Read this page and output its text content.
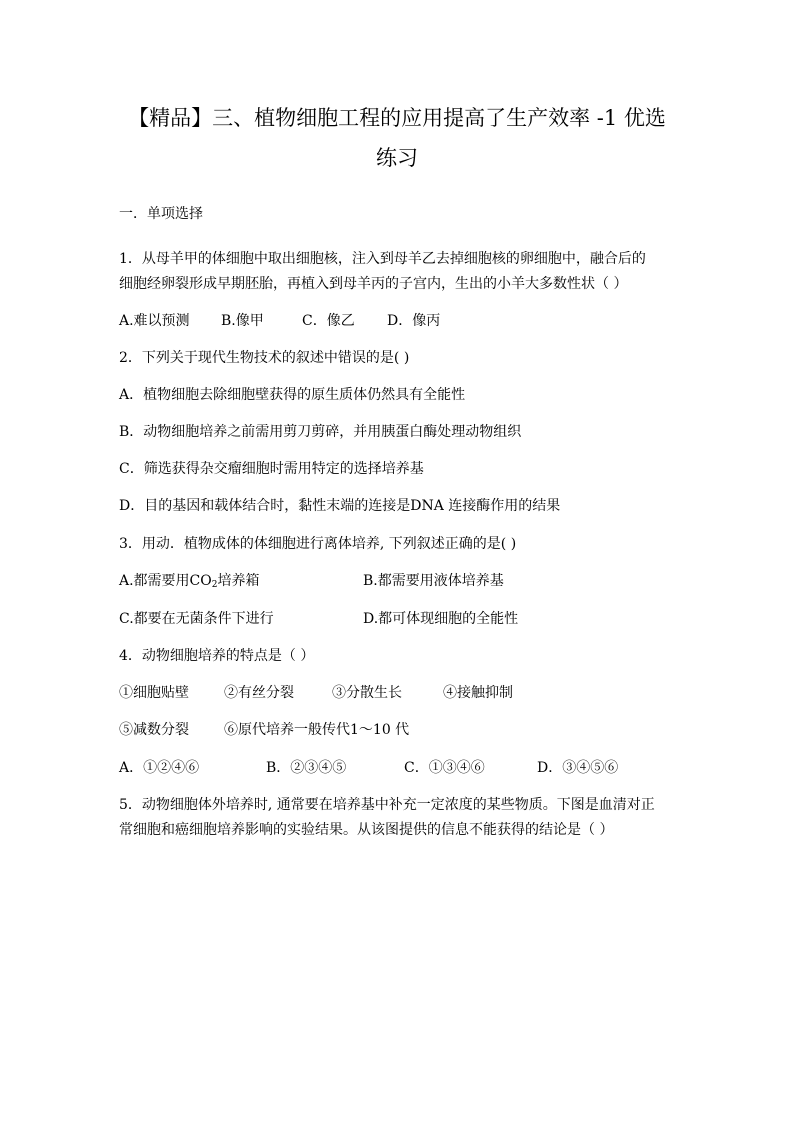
【精品】三、植物细胞工程的应用提高了生产效率 -1 优选
练习
一．单项选择
1．从母羊甲的体细胞中取出细胞核，注入到母羊乙去掉细胞核的卵细胞中，融合后的
细胞经卵裂形成早期胚胎，再植入到母羊丙的子宫内，生出的小羊大多数性状（ ）
A.难以预测 B.像甲	C．像乙 D．像丙
2．下列关于现代生物技术的叙述中错误的是( )
A．植物细胞去除细胞壁获得的原生质体仍然具有全能性
B．动物细胞培养之前需用剪刀剪碎，并用胰蛋白酶处理动物组织
C．筛选获得杂交瘤细胞时需用特定的选择培养基
D．目的基因和载体结合时，黏性末端的连接是DNA 连接酶作用的结果
3．用动．植物成体的体细胞进行离体培养, 下列叙述正确的是( )
A.都需要用$CO_2$培养箱	B.都需要用液体培养基
C.都要在无菌条件下进行	D.都可体现细胞的全能性
4．动物细胞培养的特点是（ ）
①细胞贴壁	②有丝分裂	③分散生长	④接触抑制
⑤减数分裂	⑥原代培养一般传代1～10 代
A．①②④⑥	B．②③④⑤	C．①③④⑥	D．③④⑤⑥
5．动物细胞体外培养时, 通常要在培养基中补充一定浓度的某些物质。下图是血清对正
常细胞和癌细胞培养影响的实验结果。从该图提供的信息不能获得的结论是（ ）
